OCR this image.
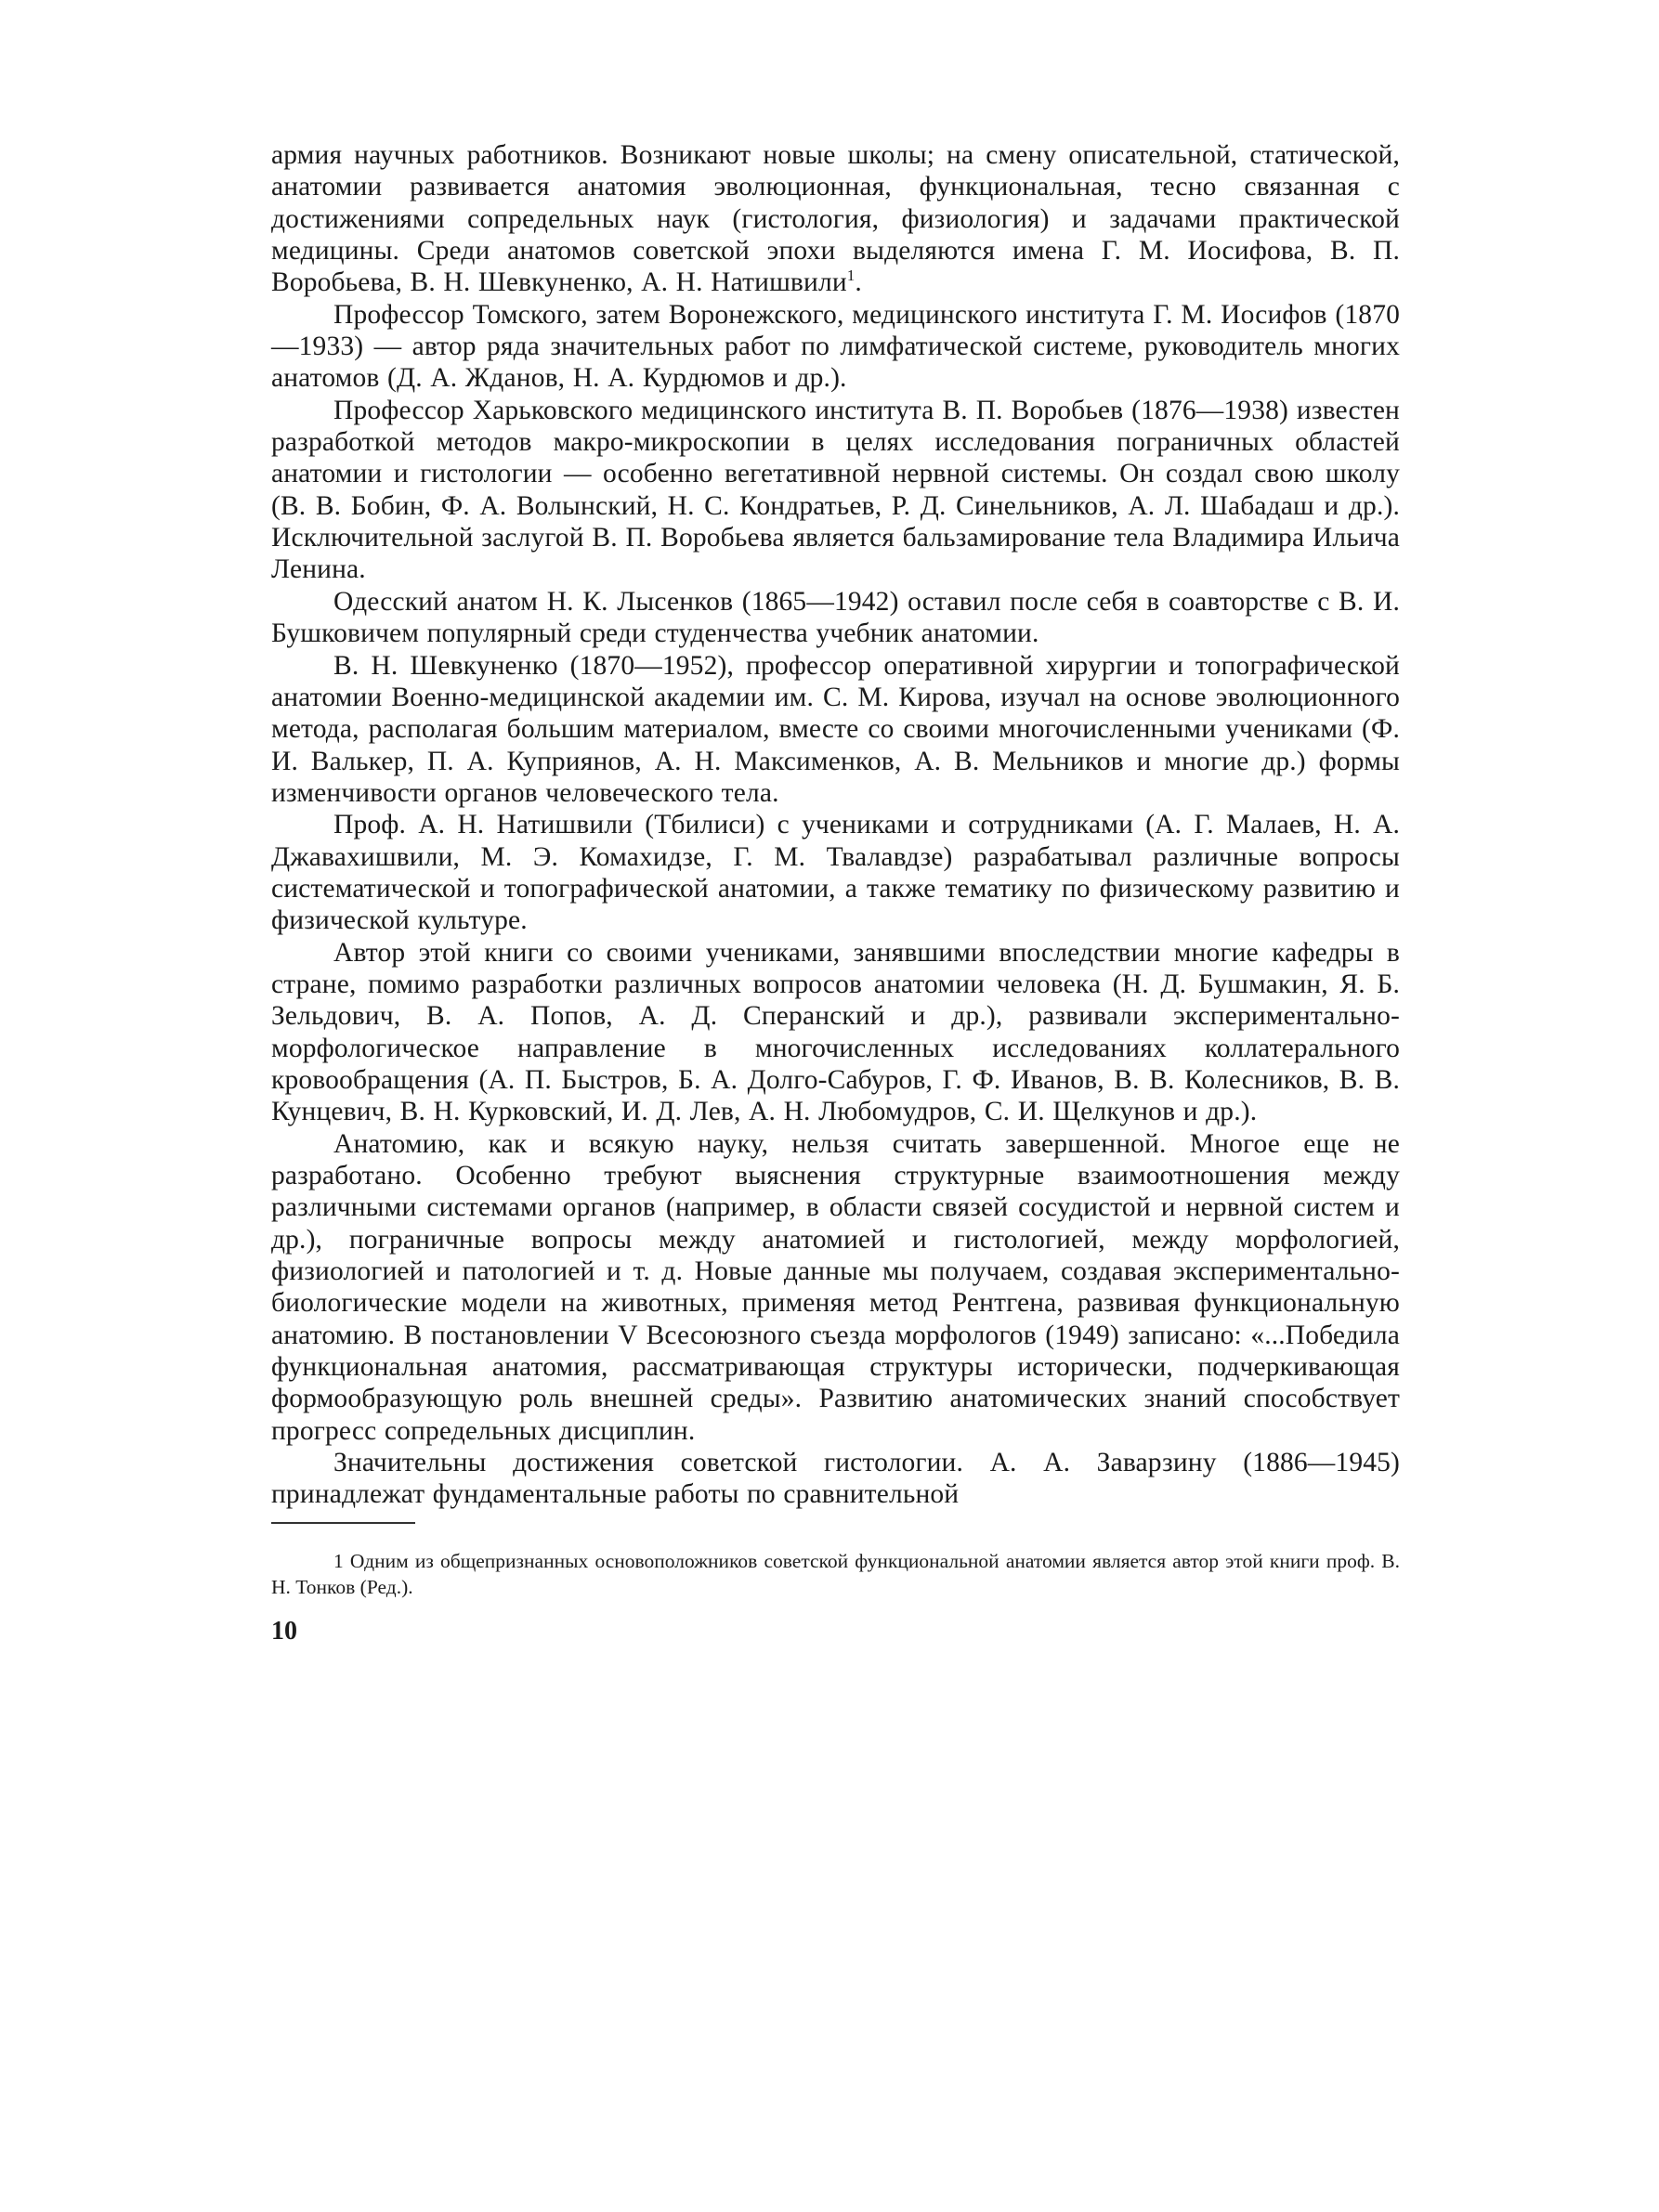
армия научных работников. Возникают новые школы; на смену описательной, статической, анатомии развивается анатомия эволюционная, функциональная, тесно связанная с достижениями сопредельных наук (гистология, физиология) и задачами практической медицины. Среди анатомов советской эпохи выделяются имена Г. М. Иосифова, В. П. Воробьева, В. Н. Шевкуненко, А. Н. Натишвили$^1$.

Профессор Томского, затем Воронежского, медицинского института Г. М. Иосифов (1870—1933) — автор ряда значительных работ по лимфатической системе, руководитель многих анатомов (Д. А. Жданов, Н. А. Курдюмов и др.).

Профессор Харьковского медицинского института В. П. Воробьев (1876—1938) известен разработкой методов макро-микроскопии в целях исследования пограничных областей анатомии и гистологии — особенно вегетативной нервной системы. Он создал свою школу (В. В. Бобин, Ф. А. Волынский, Н. С. Кондратьев, Р. Д. Синельников, А. Л. Шабадаш и др.). Исключительной заслугой В. П. Воробьева является бальзамирование тела Владимира Ильича Ленина.

Одесский анатом Н. К. Лысенков (1865—1942) оставил после себя в соавторстве с В. И. Бушковичем популярный среди студенчества учебник анатомии.

В. Н. Шевкуненко (1870—1952), профессор оперативной хирургии и топографической анатомии Военно-медицинской академии им. С. М. Кирова, изучал на основе эволюционного метода, располагая большим материалом, вместе со своими многочисленными учениками (Ф. И. Валькер, П. А. Куприянов, А. Н. Максименков, А. В. Мельников и многие др.) формы изменчивости органов человеческого тела.

Проф. А. Н. Натишвили (Тбилиси) с учениками и сотрудниками (А. Г. Малаев, Н. А. Джавахишвили, М. Э. Комахидзе, Г. М. Твалавдзе) разрабатывал различные вопросы систематической и топографической анатомии, а также тематику по физическому развитию и физической культуре.

Автор этой книги со своими учениками, занявшими впоследствии многие кафедры в стране, помимо разработки различных вопросов анатомии человека (Н. Д. Бушмакин, Я. Б. Зельдович, В. А. Попов, А. Д. Сперанский и др.), развивали экспериментально-морфологическое направление в многочисленных исследованиях коллатерального кровообращения (А. П. Быстров, Б. А. Долго-Сабуров, Г. Ф. Иванов, В. В. Колесников, В. В. Кунцевич, В. Н. Курковский, И. Д. Лев, А. Н. Любомудров, С. И. Щелкунов и др.).

Анатомию, как и всякую науку, нельзя считать завершенной. Многое еще не разработано. Особенно требуют выяснения структурные взаимоотношения между различными системами органов (например, в области связей сосудистой и нервной систем и др.), пограничные вопросы между анатомией и гистологией, между морфологией, физиологией и патологией и т. д. Новые данные мы получаем, создавая экспериментально-биологические модели на животных, применяя метод Рентгена, развивая функциональную анатомию. В постановлении V Всесоюзного съезда морфологов (1949) записано: «...Победила функциональная анатомия, рассматривающая структуры исторически, подчеркивающая формообразующую роль внешней среды». Развитию анатомических знаний способствует прогресс сопредельных дисциплин.

Значительны достижения советской гистологии. А. А. Заварзину (1886—1945) принадлежат фундаментальные работы по сравнительной

1 Одним из общепризнанных основоположников советской функциональной анатомии является автор этой книги проф. В. Н. Тонков (Ред.).
10
